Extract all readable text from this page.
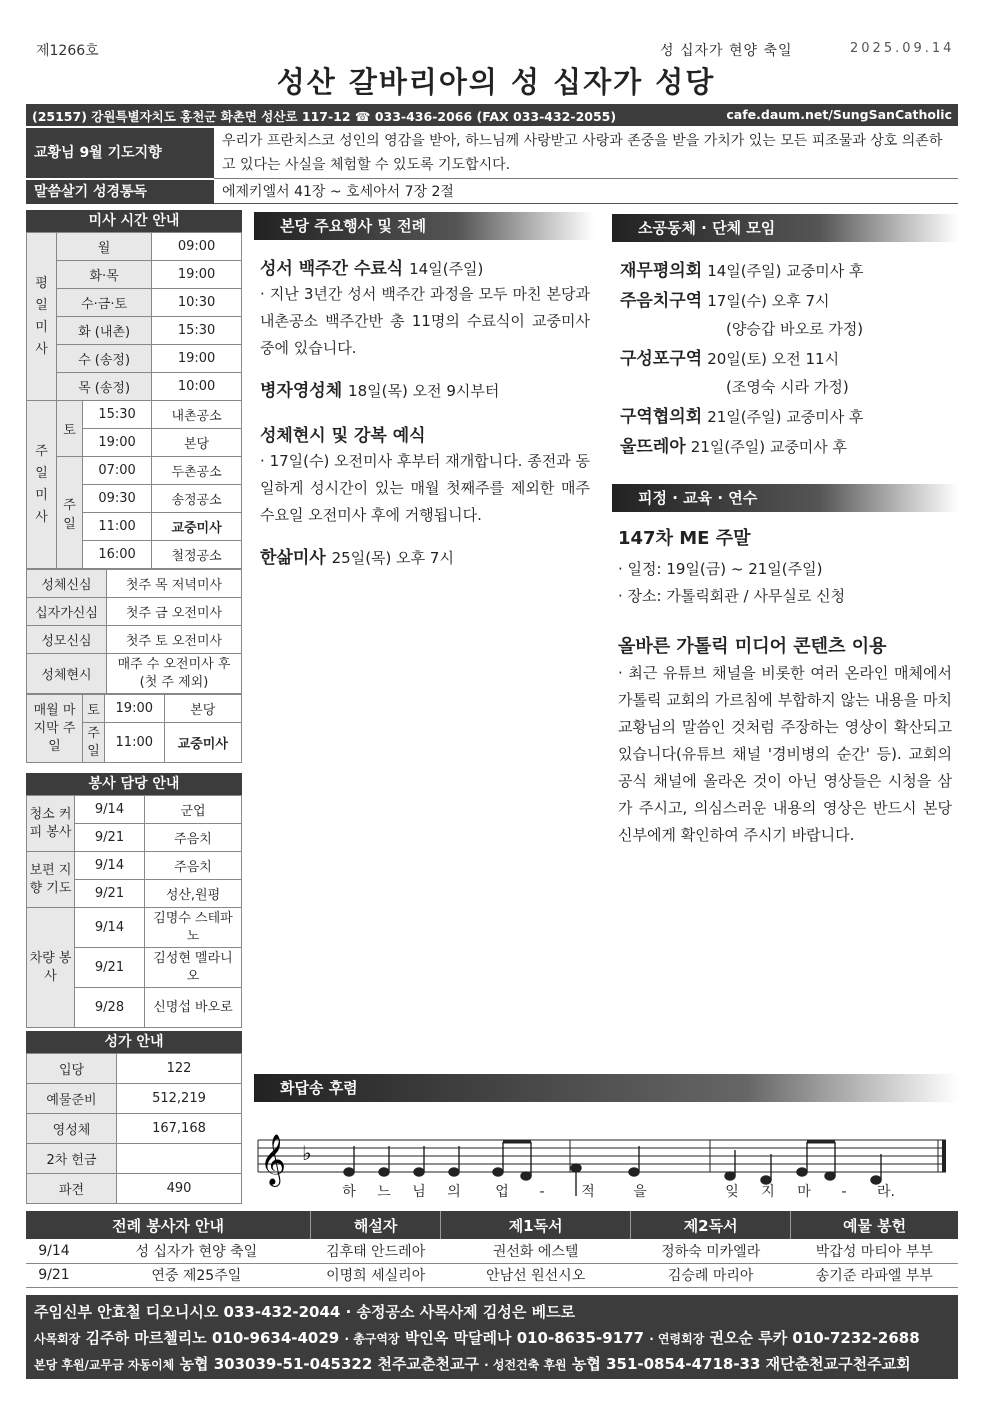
제1266호	성 십자가 현양 축일	2025.09.14
성산 갈바리아의 성 십자가 성당
(25157) 강원특별자치도 홍천군 화촌면 성산로 117-12 ☎ 033-436-2066 (FAX 033-432-2055)	cafe.daum.net/SungSanCatholic
교황님 9월 기도지향
우리가 프란치스코 성인의 영감을 받아, 하느님께 사랑받고 사랑과 존중을 받을 가치가 있는 모든 피조물과 상호 의존하고 있다는 사실을 체험할 수 있도록 기도합시다.
말씀살기 성경통독	에제키엘서 41장 ~ 호세아서 7장 2절
미사 시간 안내
평일미사	월		09:00
	화·목		19:00
	수·금·토		10:30
	화 (내촌)		15:30
	수 (송정)		19:00
	목 (송정)		10:00
주일미사	토	15:30	내촌공소
		19:00	본당
	주일	07:00	두촌공소
		09:30	송정공소
		11:00	교중미사
		16:00	철정공소
성체신심	첫주 목 저녁미사
십자가신심	첫주 금 오전미사
성모신심	첫주 토 오전미사
성체현시	매주 수 오전미사 후 (첫 주 제외)
매월 마지막 주일	토	19:00	본당
	주일	11:00	교중미사
봉사 담당 안내
청소 커피 봉사	9/14	군업
	9/21	주음치
보편 지향 기도	9/14	주음치
	9/21	성산,원평
차량 봉사	9/14	김명수 스테파노
	9/21	김성현 멜라니오
	9/28	신명섭 바오로
성가 안내
입당	122
예물준비	512,219
영성체	167,168
2차 헌금	
파견	490
본당 주요행사 및 전례
성서 백주간 수료식 14일(주일)
· 지난 3년간 성서 백주간 과정을 모두 마친 본당과 내촌공소 백주간반 총 11명의 수료식이 교중미사 중에 있습니다.
병자영성체 18일(목) 오전 9시부터
성체현시 및 강복 예식
· 17일(수) 오전미사 후부터 재개합니다. 종전과 동일하게 성시간이 있는 매월 첫째주를 제외한 매주 수요일 오전미사 후에 거행됩니다.
한삶미사 25일(목) 오후 7시
소공동체 · 단체 모임
재무평의회 14일(주일) 교중미사 후
주음치구역 17일(수) 오후 7시
(양승갑 바오로 가정)
구성포구역 20일(토) 오전 11시
(조영숙 시라 가정)
구역협의회 21일(주일) 교중미사 후
울뜨레아 21일(주일) 교중미사 후
피정 · 교육 · 연수
147차 ME 주말
· 일정: 19일(금) ~ 21일(주일)
· 장소: 가톨릭회관 / 사무실로 신청
올바른 가톨릭 미디어 콘텐츠 이용
· 최근 유튜브 채널을 비롯한 여러 온라인 매체에서 가톨릭 교회의 가르침에 부합하지 않는 내용을 마치 교황님의 말씀인 것처럼 주장하는 영상이 확산되고 있습니다(유튜브 채널 '경비병의 순간' 등). 교회의 공식 채널에 올라온 것이 아닌 영상들은 시청을 삼가 주시고, 의심스러운 내용의 영상은 반드시 본당 신부에게 확인하여 주시기 바랍니다.
화답송 후렴
𝄞 ♭
하 느 님 의 업 -	적	을	잊 지 마 - 라.
전례 봉사자 안내		해설자	제1독서	제2독서	예물 봉헌
9/14	성 십자가 현양 축일	김후태 안드레아	권선화 에스텔	정하숙 미카엘라	박갑성 마티아 부부
9/21	연중 제25주일	이명희 세실리아	안남선 원선시오	김승례 마리아	송기준 라파엘 부부
주임신부 안효철 디오니시오 033-432-2044 · 송정공소 사목사제 김성은 베드로
사목회장 김주하 마르첼리노 010-9634-4029 · 총구역장 박인옥 막달레나 010-8635-9177 · 연령회장 권오순 루카 010-7232-2688
본당 후원/교무금 자동이체 농협 303039-51-045322 천주교춘천교구 · 성전건축 후원 농협 351-0854-4718-33 재단춘천교구천주교회
